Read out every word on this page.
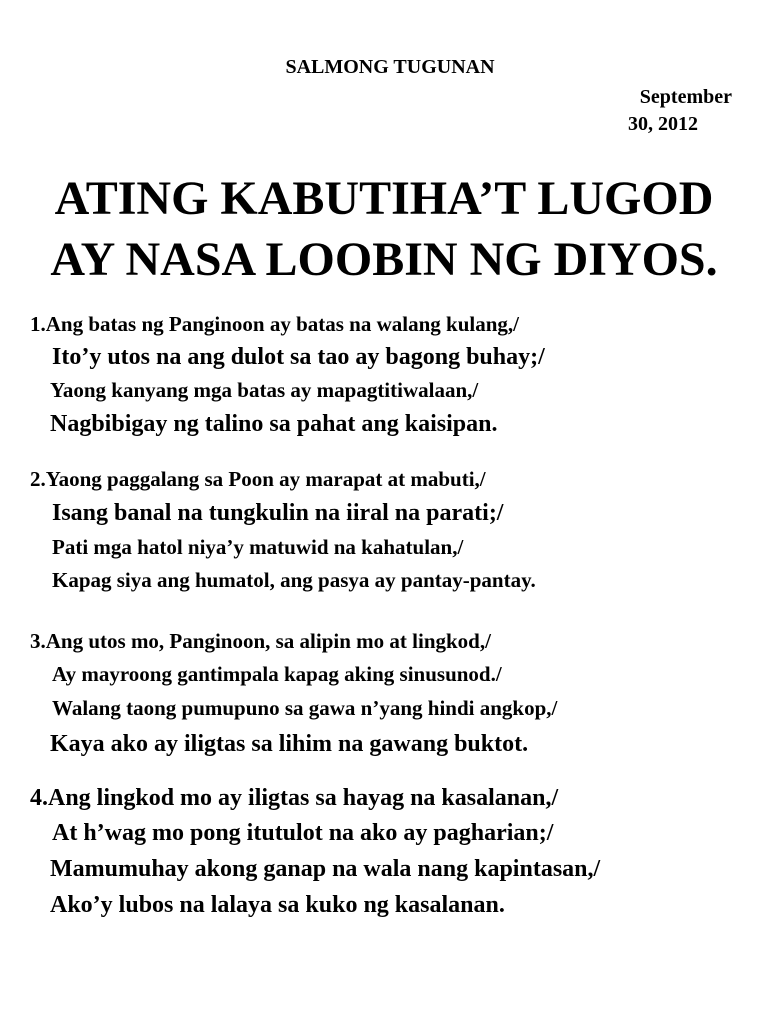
SALMONG TUGUNAN
September
30, 2012
ATING KABUTIHA’T LUGOD
AY NASA LOOBIN NG DIYOS.
1.Ang batas ng Panginoon ay batas na walang kulang,/
Ito’y utos na ang dulot sa tao ay bagong buhay;/
Yaong kanyang mga batas ay mapagtitiwalaan,/
Nagbibigay ng talino sa pahat ang kaisipan.
2.Yaong paggalang sa Poon ay marapat at mabuti,/
Isang banal na tungkulin na iiral na parati;/
Pati mga hatol niya’y matuwid na kahatulan,/
Kapag siya ang humatol, ang pasya ay pantay-pantay.
3.Ang utos mo, Panginoon, sa alipin mo at lingkod,/
Ay mayroong gantimpala kapag aking sinusunod./
Walang taong pumupuno sa gawa n’yang hindi angkop,/
Kaya ako ay iligtas sa lihim na gawang buktot.
4.Ang lingkod mo ay iligtas sa hayag na kasalanan,/
At h’wag mo pong itutulot na ako ay pagharian;/
Mamumuhay akong ganap na wala nang kapintasan,/
Ako’y lubos na lalaya sa kuko ng kasalanan.
